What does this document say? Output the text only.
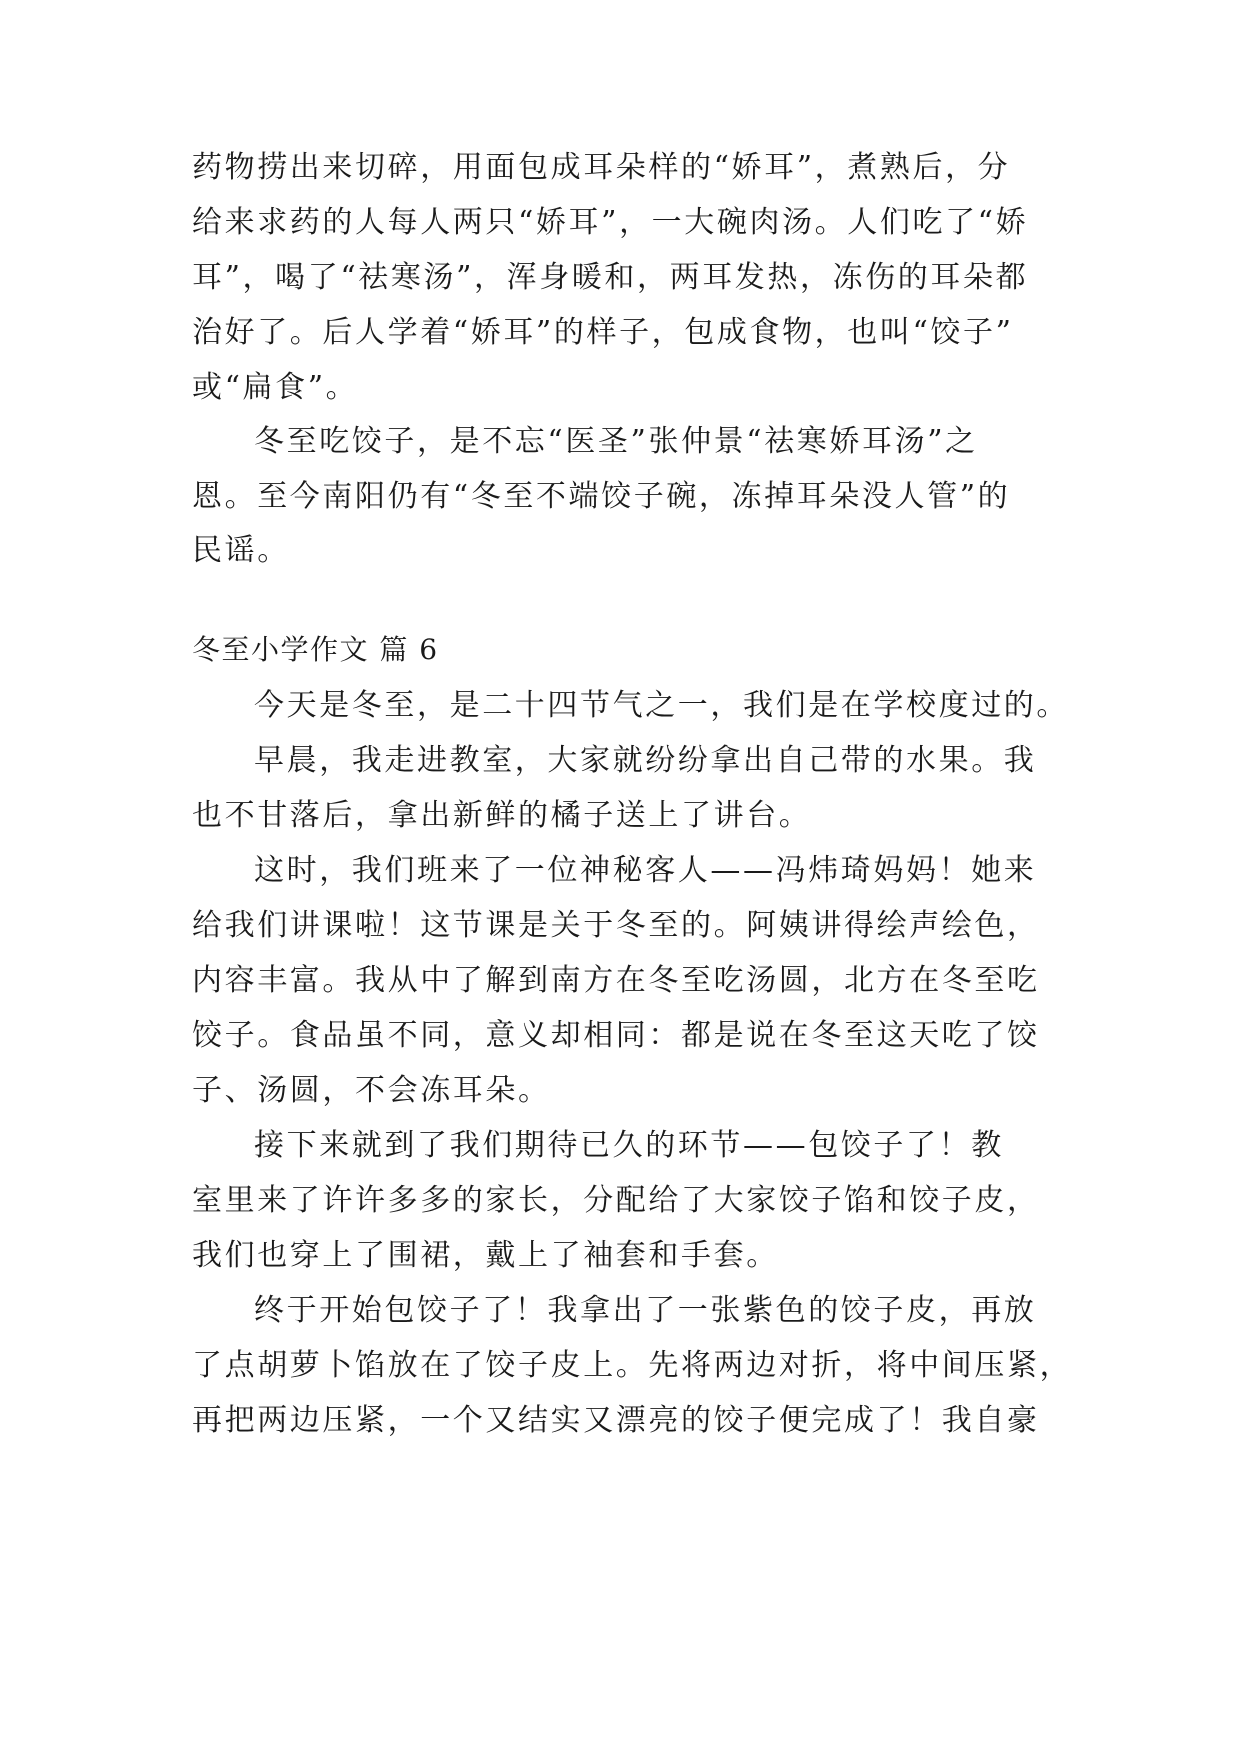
药物捞出来切碎，用面包成耳朵样的“娇耳”，煮熟后，分
给来求药的人每人两只“娇耳”，一大碗肉汤。人们吃了“娇
耳”，喝了“祛寒汤”，浑身暖和，两耳发热，冻伤的耳朵都
治好了。后人学着“娇耳”的样子，包成食物，也叫“饺子”
或“扁食”。
冬至吃饺子，是不忘“医圣”张仲景“祛寒娇耳汤”之
恩。至今南阳仍有“冬至不端饺子碗，冻掉耳朵没人管”的
民谣。
冬至小学作文 篇 6
今天是冬至，是二十四节气之一，我们是在学校度过的。
早晨，我走进教室，大家就纷纷拿出自己带的水果。我
也不甘落后，拿出新鲜的橘子送上了讲台。
这时，我们班来了一位神秘客人——冯炜琦妈妈！她来
给我们讲课啦！这节课是关于冬至的。阿姨讲得绘声绘色，
内容丰富。我从中了解到南方在冬至吃汤圆，北方在冬至吃
饺子。食品虽不同，意义却相同：都是说在冬至这天吃了饺
子、汤圆，不会冻耳朵。
接下来就到了我们期待已久的环节——包饺子了！教
室里来了许许多多的家长，分配给了大家饺子馅和饺子皮，
我们也穿上了围裙，戴上了袖套和手套。
终于开始包饺子了！我拿出了一张紫色的饺子皮，再放
了点胡萝卜馅放在了饺子皮上。先将两边对折，将中间压紧，
再把两边压紧，一个又结实又漂亮的饺子便完成了！我自豪
